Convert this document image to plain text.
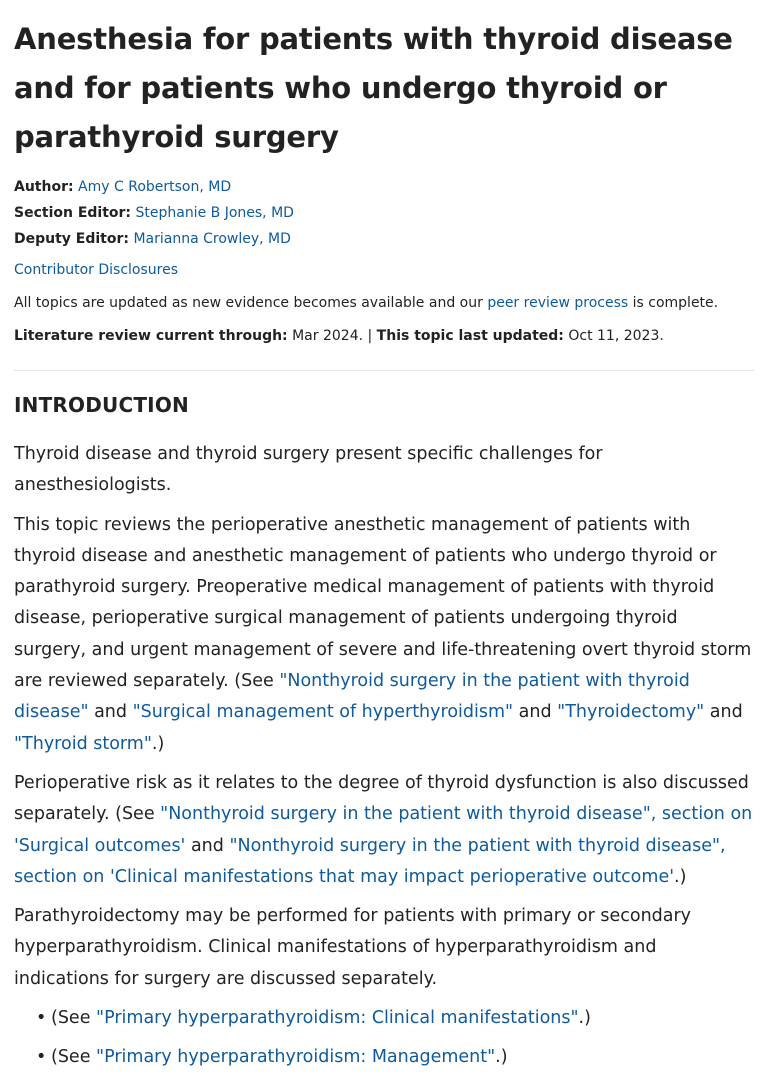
Anesthesia for patients with thyroid disease and for patients who undergo thyroid or parathyroid surgery
Author: Amy C Robertson, MD
Section Editor: Stephanie B Jones, MD
Deputy Editor: Marianna Crowley, MD
Contributor Disclosures
All topics are updated as new evidence becomes available and our peer review process is complete.
Literature review current through: Mar 2024. | This topic last updated: Oct 11, 2023.
INTRODUCTION

Thyroid disease and thyroid surgery present specific challenges for anesthesiologists.

This topic reviews the perioperative anesthetic management of patients with thyroid disease and anesthetic management of patients who undergo thyroid or parathyroid surgery. Preoperative medical management of patients with thyroid disease, perioperative surgical management of patients undergoing thyroid surgery, and urgent management of severe and life-threatening overt thyroid storm are reviewed separately. (See "Nonthyroid surgery in the patient with thyroid disease" and "Surgical management of hyperthyroidism" and "Thyroidectomy" and "Thyroid storm".)

Perioperative risk as it relates to the degree of thyroid dysfunction is also discussed separately. (See "Nonthyroid surgery in the patient with thyroid disease", section on 'Surgical outcomes' and "Nonthyroid surgery in the patient with thyroid disease", section on 'Clinical manifestations that may impact perioperative outcome'.)

Parathyroidectomy may be performed for patients with primary or secondary hyperparathyroidism. Clinical manifestations of hyperparathyroidism and indications for surgery are discussed separately.

• (See "Primary hyperparathyroidism: Clinical manifestations".)
• (See "Primary hyperparathyroidism: Management".)
